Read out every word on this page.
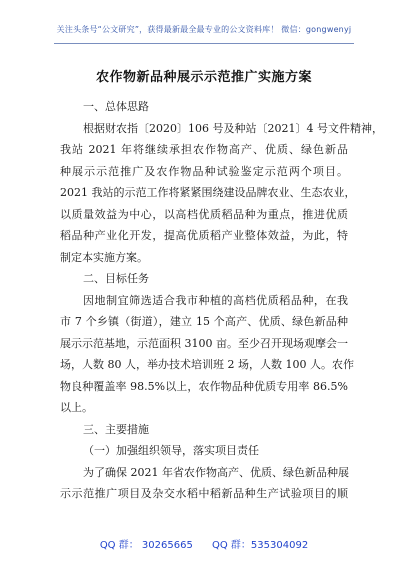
关注头条号“公文研究”，获得最新最全最专业的公文资料库！ 微信：gongwenyj
农作物新品种展示示范推广实施方案
一、总体思路
根据财农指〔2020〕106 号及种站〔2021〕4 号文件精神，
我站 2021 年将继续承担农作物高产、优质、绿色新品
种展示示范推广及农作物品种试验鉴定示范两个项目。
2021 我站的示范工作将紧紧围绕建设品牌农业、生态农业，
以质量效益为中心，以高档优质稻品种为重点，推进优质
稻品种产业化开发，提高优质稻产业整体效益，为此，特
制定本实施方案。
二、目标任务
因地制宜筛选适合我市种植的高档优质稻品种，在我
市 7 个乡镇（街道），建立 15 个高产、优质、绿色新品种
展示示范基地，示范面积 3100 亩。至少召开现场观摩会一
场，人数 80 人，举办技术培训班 2 场，人数 100 人。农作
物良种覆盖率 98.5%以上，农作物品种优质专用率 86.5%
以上。
三、主要措施
（一）加强组织领导，落实项目责任
为了确保 2021 年省农作物高产、优质、绿色新品种展
示示范推广项目及杂交水稻中稻新品种生产试验项目的顺
QQ 群： 30265665 QQ 群：535304092
